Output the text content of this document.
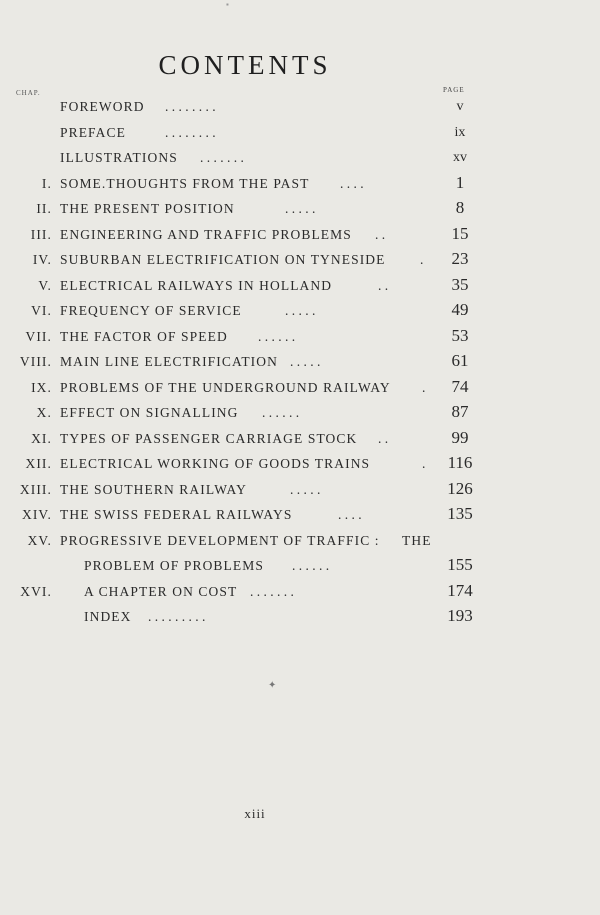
▪
CONTENTS
CHAP.	PAGE
FOREWORD . . . . . . . .	v
PREFACE	. . . . . . . .	ix
ILLUSTRATIONS . . . . . . .	xv
I. SOME.THOUGHTS FROM THE PAST . . . .	1
II. THE PRESENT POSITION	. . . . .	8
III. ENGINEERING AND TRAFFIC PROBLEMS . .	15
IV. SUBURBAN ELECTRIFICATION ON TYNESIDE	.	23
V. ELECTRICAL RAILWAYS IN HOLLAND	. .	35
VI. FREQUENCY OF SERVICE	. . . . .	49
VII. THE FACTOR OF SPEED . . . . . .	53
VIII. MAIN LINE ELECTRIFICATION . . . . .	61
IX. PROBLEMS OF THE UNDERGROUND RAILWAY .	74
X. EFFECT ON SIGNALLING . . . . . .	87
XI. TYPES OF PASSENGER CARRIAGE STOCK . .	99
XII. ELECTRICAL WORKING OF GOODS TRAINS	.	116
XIII. THE SOUTHERN RAILWAY	. . . . .	126
XIV. THE SWISS FEDERAL RAILWAYS	. . . .	135
XV. PROGRESSIVE DEVELOPMENT OF TRAFFIC : THE
PROBLEM OF PROBLEMS . . . . . .	155
XVI. A CHAPTER ON COST . . . . . . .	174
INDEX . . . . . . . . .	193
✦
xiii
